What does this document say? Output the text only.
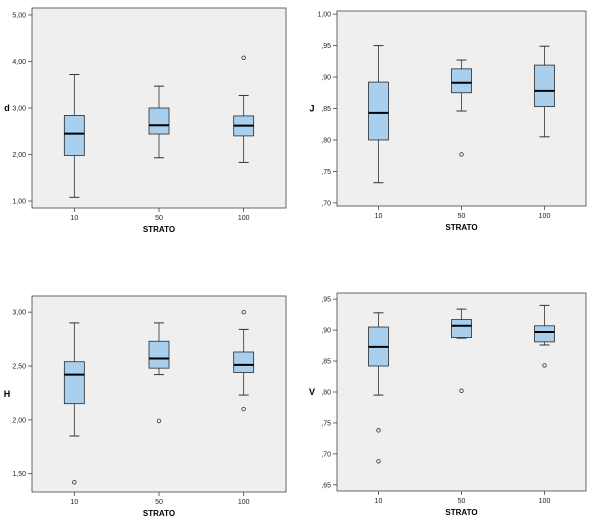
1,00
2,00
3,00
4,00
5,00
d
10	50	100
STRATO
,70
,75
,80
,85
,90
,95
1,00
J
10	50	100
STRATO
1,50
2,00
2,50
3,00
H
10	50	100
STRATO
,65
,70
,75
,80
,85
,90
,95
V
10	50	100
STRATO
